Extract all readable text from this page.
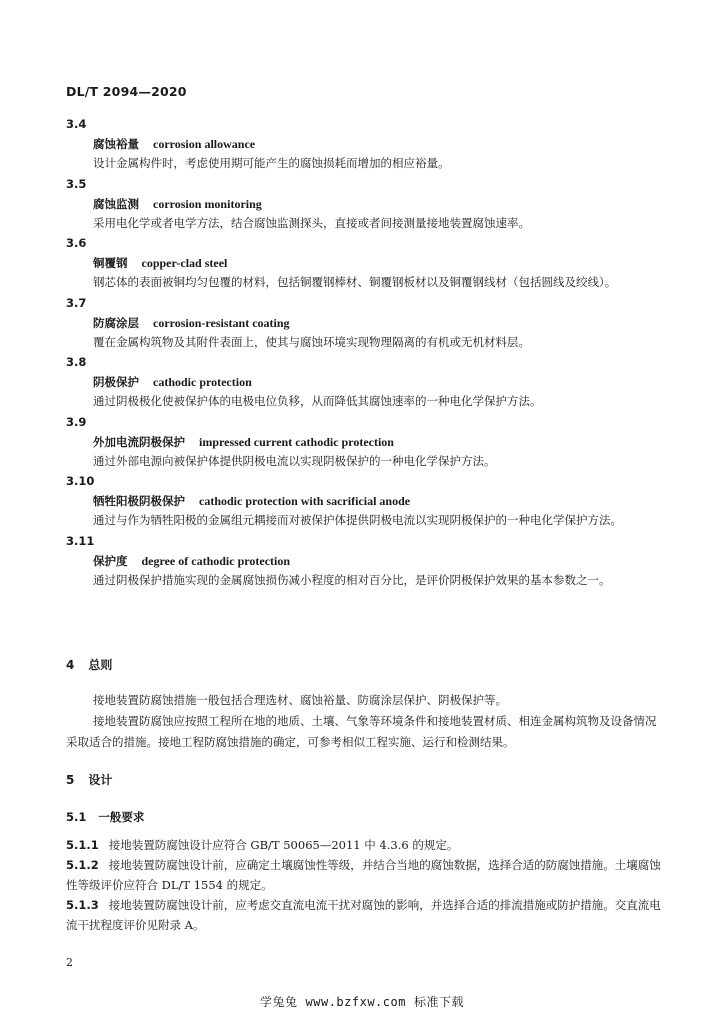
DL/T 2094—2020
3.4
腐蚀裕量 corrosion allowance
设计金属构件时，考虑使用期可能产生的腐蚀损耗而增加的相应裕量。
3.5
腐蚀监测 corrosion monitoring
采用电化学或者电学方法，结合腐蚀监测探头，直接或者间接测量接地装置腐蚀速率。
3.6
铜覆钢 copper-clad steel
钢芯体的表面被铜均匀包覆的材料，包括铜覆钢棒材、铜覆钢板材以及铜覆钢线材（包括圆线及绞线）。
3.7
防腐涂层 corrosion-resistant coating
覆在金属构筑物及其附件表面上，使其与腐蚀环境实现物理隔离的有机或无机材料层。
3.8
阴极保护 cathodic protection
通过阴极极化使被保护体的电极电位负移，从而降低其腐蚀速率的一种电化学保护方法。
3.9
外加电流阴极保护 impressed current cathodic protection
通过外部电源向被保护体提供阴极电流以实现阴极保护的一种电化学保护方法。
3.10
牺牲阳极阴极保护 cathodic protection with sacrificial anode
通过与作为牺牲阳极的金属组元耦接而对被保护体提供阴极电流以实现阴极保护的一种电化学保护方法。
3.11
保护度 degree of cathodic protection
通过阴极保护措施实现的金属腐蚀损伤减小程度的相对百分比，是评价阴极保护效果的基本参数之一。
4 总则
接地装置防腐蚀措施一般包括合理选材、腐蚀裕量、防腐涂层保护、阴极保护等。
接地装置防腐蚀应按照工程所在地的地质、土壤、气象等环境条件和接地装置材质、相连金属构筑物及设备情况采取适合的措施。接地工程防腐蚀措施的确定，可参考相似工程实施、运行和检测结果。
5 设计
5.1 一般要求
5.1.1 接地装置防腐蚀设计应符合 GB/T 50065—2011 中 4.3.6 的规定。
5.1.2 接地装置防腐蚀设计前，应确定土壤腐蚀性等级，并结合当地的腐蚀数据，选择合适的防腐蚀措施。土壤腐蚀性等级评价应符合 DL/T 1554 的规定。
5.1.3 接地装置防腐蚀设计前，应考虑交直流电流干扰对腐蚀的影响，并选择合适的排流措施或防护措施。交直流电流干扰程度评价见附录 A。
2
学兔兔 www.bzfxw.com 标准下载
